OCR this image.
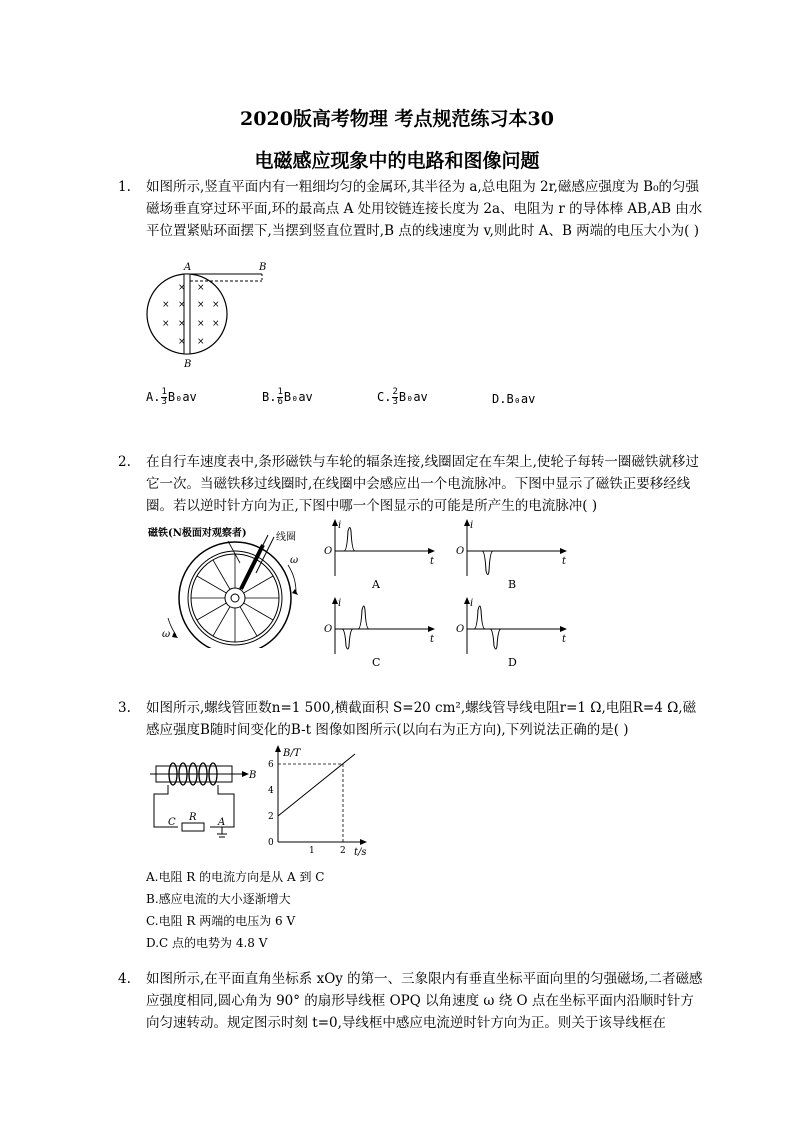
2020版高考物理 考点规范练习本30
电磁感应现象中的电路和图像问题
1. 如图所示,竖直平面内有一粗细均匀的金属环,其半径为 a,总电阻为 2r,磁感应强度为 B₀的匀强磁场垂直穿过环平面,环的最高点 A 处用铰链连接长度为 2a、电阻为 r 的导体棒 AB,AB 由水平位置紧贴环面摆下,当摆到竖直位置时,B 点的线速度为 v,则此时 A、B 两端的电压大小为( )
A	B
B
× ×
× × × ×
× × × ×
× ×
A. $\frac{1}{3} B_0av$	B. $\frac{1}{6} B_0av$	C. $\frac{2}{3} B_0av$	D.B₀av
2. 在自行车速度表中,条形磁铁与车轮的辐条连接,线圈固定在车架上,使轮子每转一圈磁铁就移过它一次。当磁铁移过线圈时,在线圈中会感应出一个电流脉冲。下图中显示了磁铁正要移经线圈。若以逆时针方向为正,下图中哪一个图显示的可能是所产生的电流脉冲( )
磁铁(N极面对观察者)	线圈
ω
ω
i
t
O
A
i
t
O
B
i
t
O
C
i
t
O
D
3. 如图所示,螺线管匝数n=1 500,横截面积 S=20 cm²,螺线管导线电阻r=1 Ω,电阻R=4 Ω,磁感应强度B随时间变化的B-t 图像如图所示(以向右为正方向),下列说法正确的是( )
B
R
C	A
B/T
t/s
0
2
4
6
1	2
A.电阻 R 的电流方向是从 A 到 C
B.感应电流的大小逐渐增大
C.电阻 R 两端的电压为 6 V
D.C 点的电势为 4.8 V
4. 如图所示,在平面直角坐标系 xOy 的第一、三象限内有垂直坐标平面向里的匀强磁场,二者磁感应强度相同,圆心角为 90° 的扇形导线框 OPQ 以角速度 ω 绕 O 点在坐标平面内沿顺时针方向匀速转动。规定图示时刻 t=0,导线框中感应电流逆时针方向为正。则关于该导线框在
